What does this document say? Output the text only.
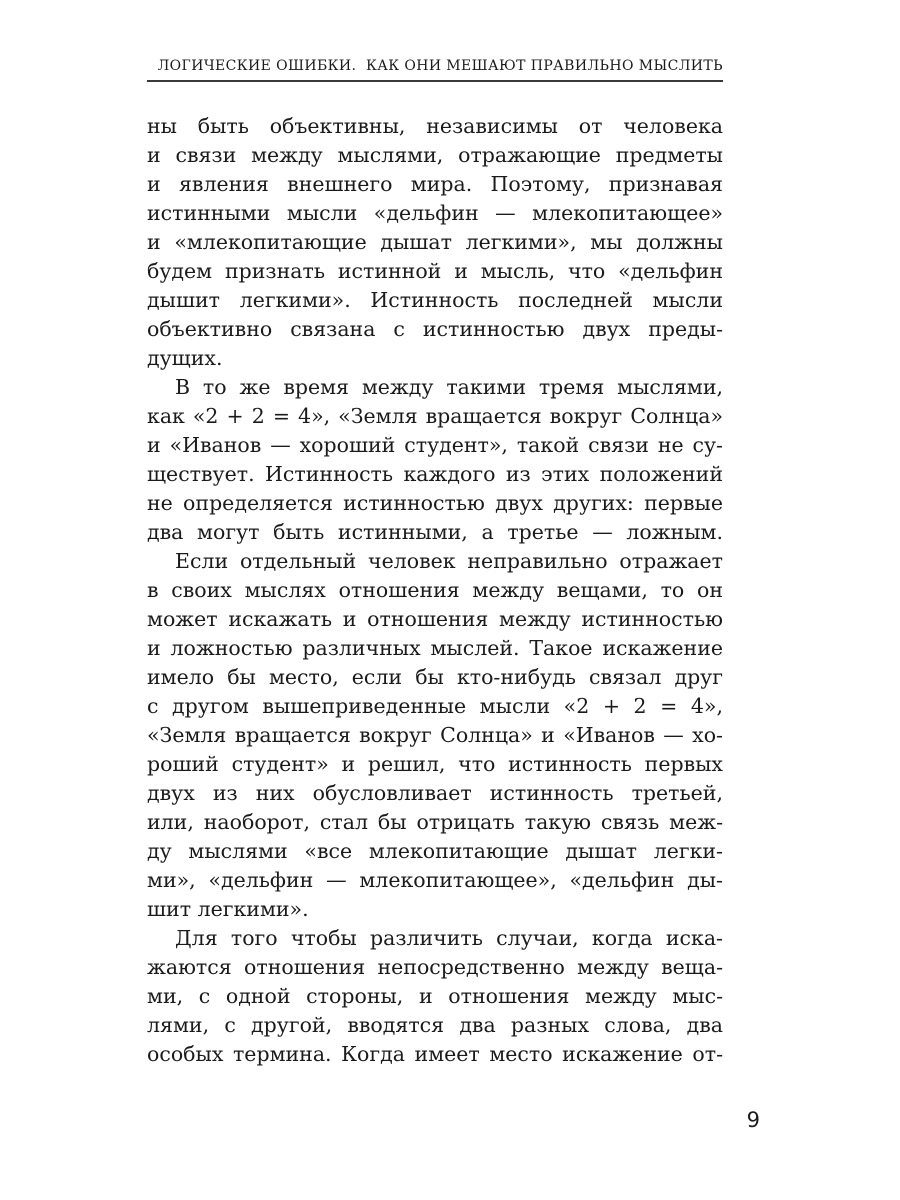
ЛОГИЧЕСКИЕ ОШИБКИ.  КАК ОНИ МЕШАЮТ ПРАВИЛЬНО МЫСЛИТЬ
ны быть объективны, независимы от человека
и связи между мыслями, отражающие предметы
и явления внешнего мира. Поэтому, признавая
истинными мысли «дельфин — млекопитающее»
и «млекопитающие дышат легкими», мы должны
будем признать истинной и мысль, что «дельфин
дышит легкими». Истинность последней мысли
объективно связана с истинностью двух преды-
дущих.
В то же время между такими тремя мыслями,
как «2 + 2 = 4», «Земля вращается вокруг Солнца»
и «Иванов — хороший студент», такой связи не су-
ществует. Истинность каждого из этих положений
не определяется истинностью двух других: первые
два могут быть истинными, а третье — ложным.
Если отдельный человек неправильно отражает
в своих мыслях отношения между вещами, то он
может искажать и отношения между истинностью
и ложностью различных мыслей. Такое искажение
имело бы место, если бы кто-нибудь связал друг
с другом вышеприведенные мысли «2 + 2 = 4»,
«Земля вращается вокруг Солнца» и «Иванов — хо-
роший студент» и решил, что истинность первых
двух из них обусловливает истинность третьей,
или, наоборот, стал бы отрицать такую связь меж-
ду мыслями «все млекопитающие дышат легки-
ми», «дельфин — млекопитающее», «дельфин ды-
шит легкими».
Для того чтобы различить случаи, когда иска-
жаются отношения непосредственно между веща-
ми, с одной стороны, и отношения между мыс-
лями, с другой, вводятся два разных слова, два
особых термина. Когда имеет место искажение от-
9
